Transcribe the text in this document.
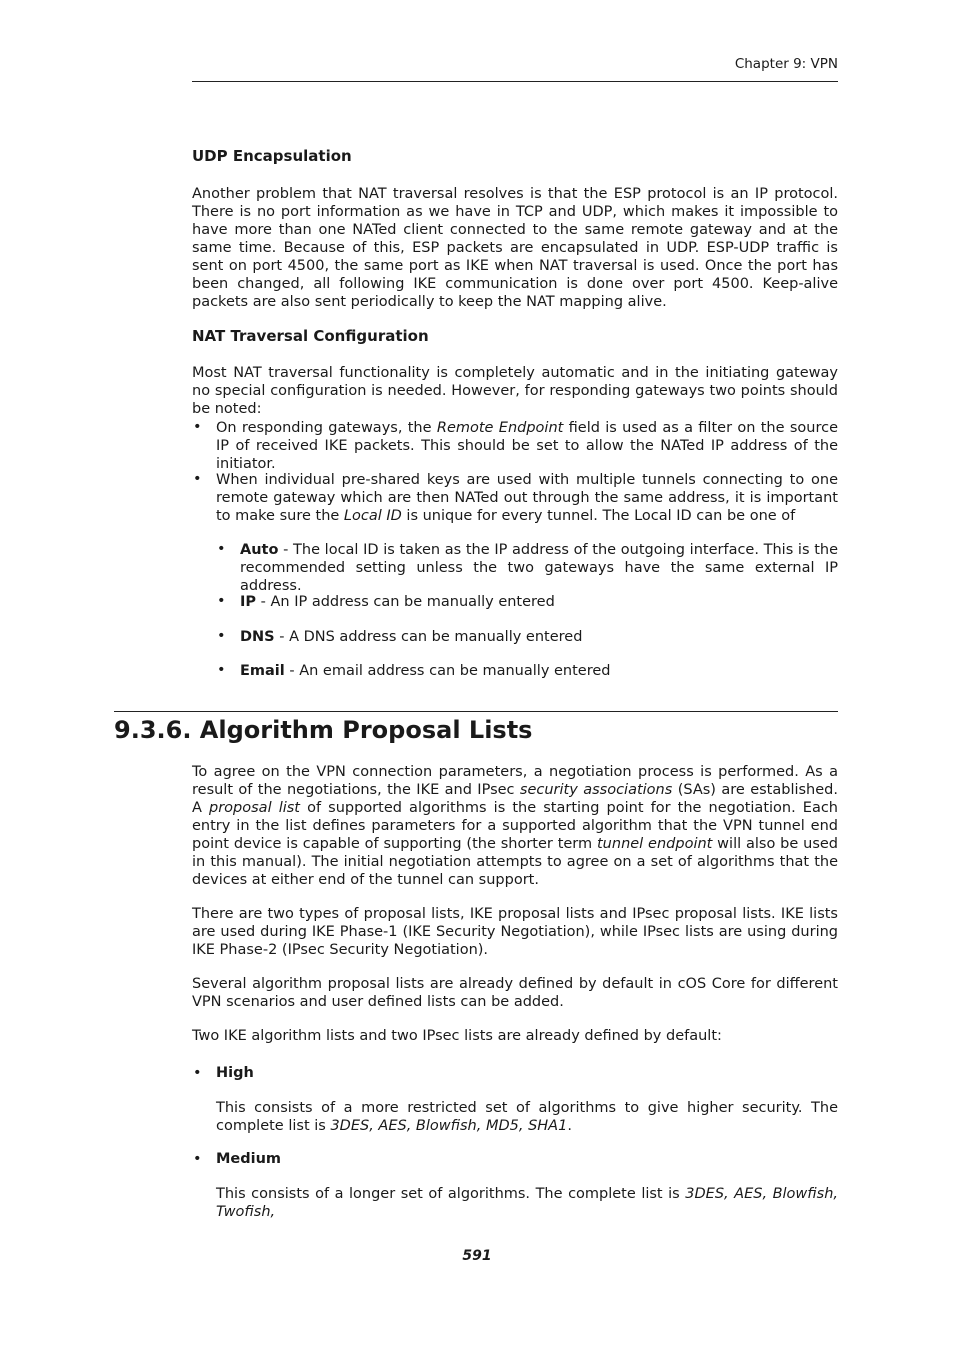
Chapter 9: VPN
UDP Encapsulation

Another problem that NAT traversal resolves is that the ESP protocol is an IP protocol. There is no port information as we have in TCP and UDP, which makes it impossible to have more than one NATed client connected to the same remote gateway and at the same time. Because of this, ESP packets are encapsulated in UDP. ESP-UDP traffic is sent on port 4500, the same port as IKE when NAT traversal is used. Once the port has been changed, all following IKE communication is done over port 4500. Keep-alive packets are also sent periodically to keep the NAT mapping alive.

NAT Traversal Configuration

Most NAT traversal functionality is completely automatic and in the initiating gateway no special configuration is needed. However, for responding gateways two points should be noted:

• On responding gateways, the Remote Endpoint field is used as a filter on the source IP of received IKE packets. This should be set to allow the NATed IP address of the initiator.

• When individual pre-shared keys are used with multiple tunnels connecting to one remote gateway which are then NATed out through the same address, it is important to make sure the Local ID is unique for every tunnel. The Local ID can be one of

• Auto - The local ID is taken as the IP address of the outgoing interface. This is the recommended setting unless the two gateways have the same external IP address.

• IP - An IP address can be manually entered

• DNS - A DNS address can be manually entered

• Email - An email address can be manually entered

9.3.6. Algorithm Proposal Lists

To agree on the VPN connection parameters, a negotiation process is performed. As a result of the negotiations, the IKE and IPsec security associations (SAs) are established. A proposal list of supported algorithms is the starting point for the negotiation. Each entry in the list defines parameters for a supported algorithm that the VPN tunnel end point device is capable of supporting (the shorter term tunnel endpoint will also be used in this manual). The initial negotiation attempts to agree on a set of algorithms that the devices at either end of the tunnel can support.

There are two types of proposal lists, IKE proposal lists and IPsec proposal lists. IKE lists are used during IKE Phase-1 (IKE Security Negotiation), while IPsec lists are using during IKE Phase-2 (IPsec Security Negotiation).

Several algorithm proposal lists are already defined by default in cOS Core for different VPN scenarios and user defined lists can be added.

Two IKE algorithm lists and two IPsec lists are already defined by default:

• High

This consists of a more restricted set of algorithms to give higher security. The complete list is 3DES, AES, Blowfish, MD5, SHA1.

• Medium

This consists of a longer set of algorithms. The complete list is 3DES, AES, Blowfish, Twofish,

591
